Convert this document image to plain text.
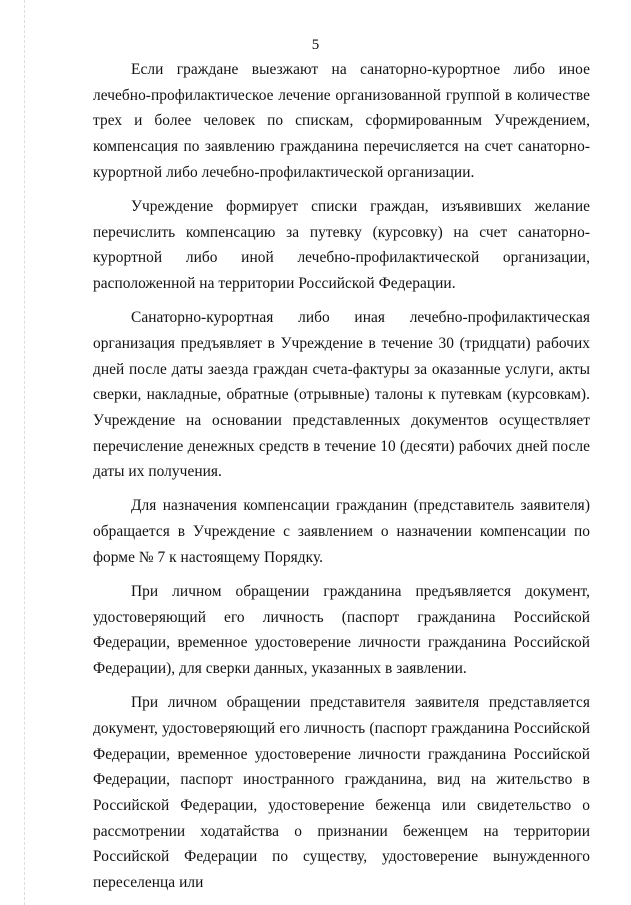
5

Если граждане выезжают на санаторно-курортное либо иное лечебно-профилактическое лечение организованной группой в количестве трех и более человек по спискам, сформированным Учреждением, компенсация по заявлению гражданина перечисляется на счет санаторно-курортной либо лечебно-профилактической организации.

Учреждение формирует списки граждан, изъявивших желание перечислить компенсацию за путевку (курсовку) на счет санаторно-курортной либо иной лечебно-профилактической организации, расположенной на территории Российской Федерации.

Санаторно-курортная либо иная лечебно-профилактическая организация предъявляет в Учреждение в течение 30 (тридцати) рабочих дней после даты заезда граждан счета-фактуры за оказанные услуги, акты сверки, накладные, обратные (отрывные) талоны к путевкам (курсовкам). Учреждение на основании представленных документов осуществляет перечисление денежных средств в течение 10 (десяти) рабочих дней после даты их получения.

Для назначения компенсации гражданин (представитель заявителя) обращается в Учреждение с заявлением о назначении компенсации по форме № 7 к настоящему Порядку.

При личном обращении гражданина предъявляется документ, удостоверяющий его личность (паспорт гражданина Российской Федерации, временное удостоверение личности гражданина Российской Федерации), для сверки данных, указанных в заявлении.

При личном обращении представителя заявителя представляется документ, удостоверяющий его личность (паспорт гражданина Российской Федерации, временное удостоверение личности гражданина Российской Федерации, паспорт иностранного гражданина, вид на жительство в Российской Федерации, удостоверение беженца или свидетельство о рассмотрении ходатайства о признании беженцем на территории Российской Федерации по существу, удостоверение вынужденного переселенца или
